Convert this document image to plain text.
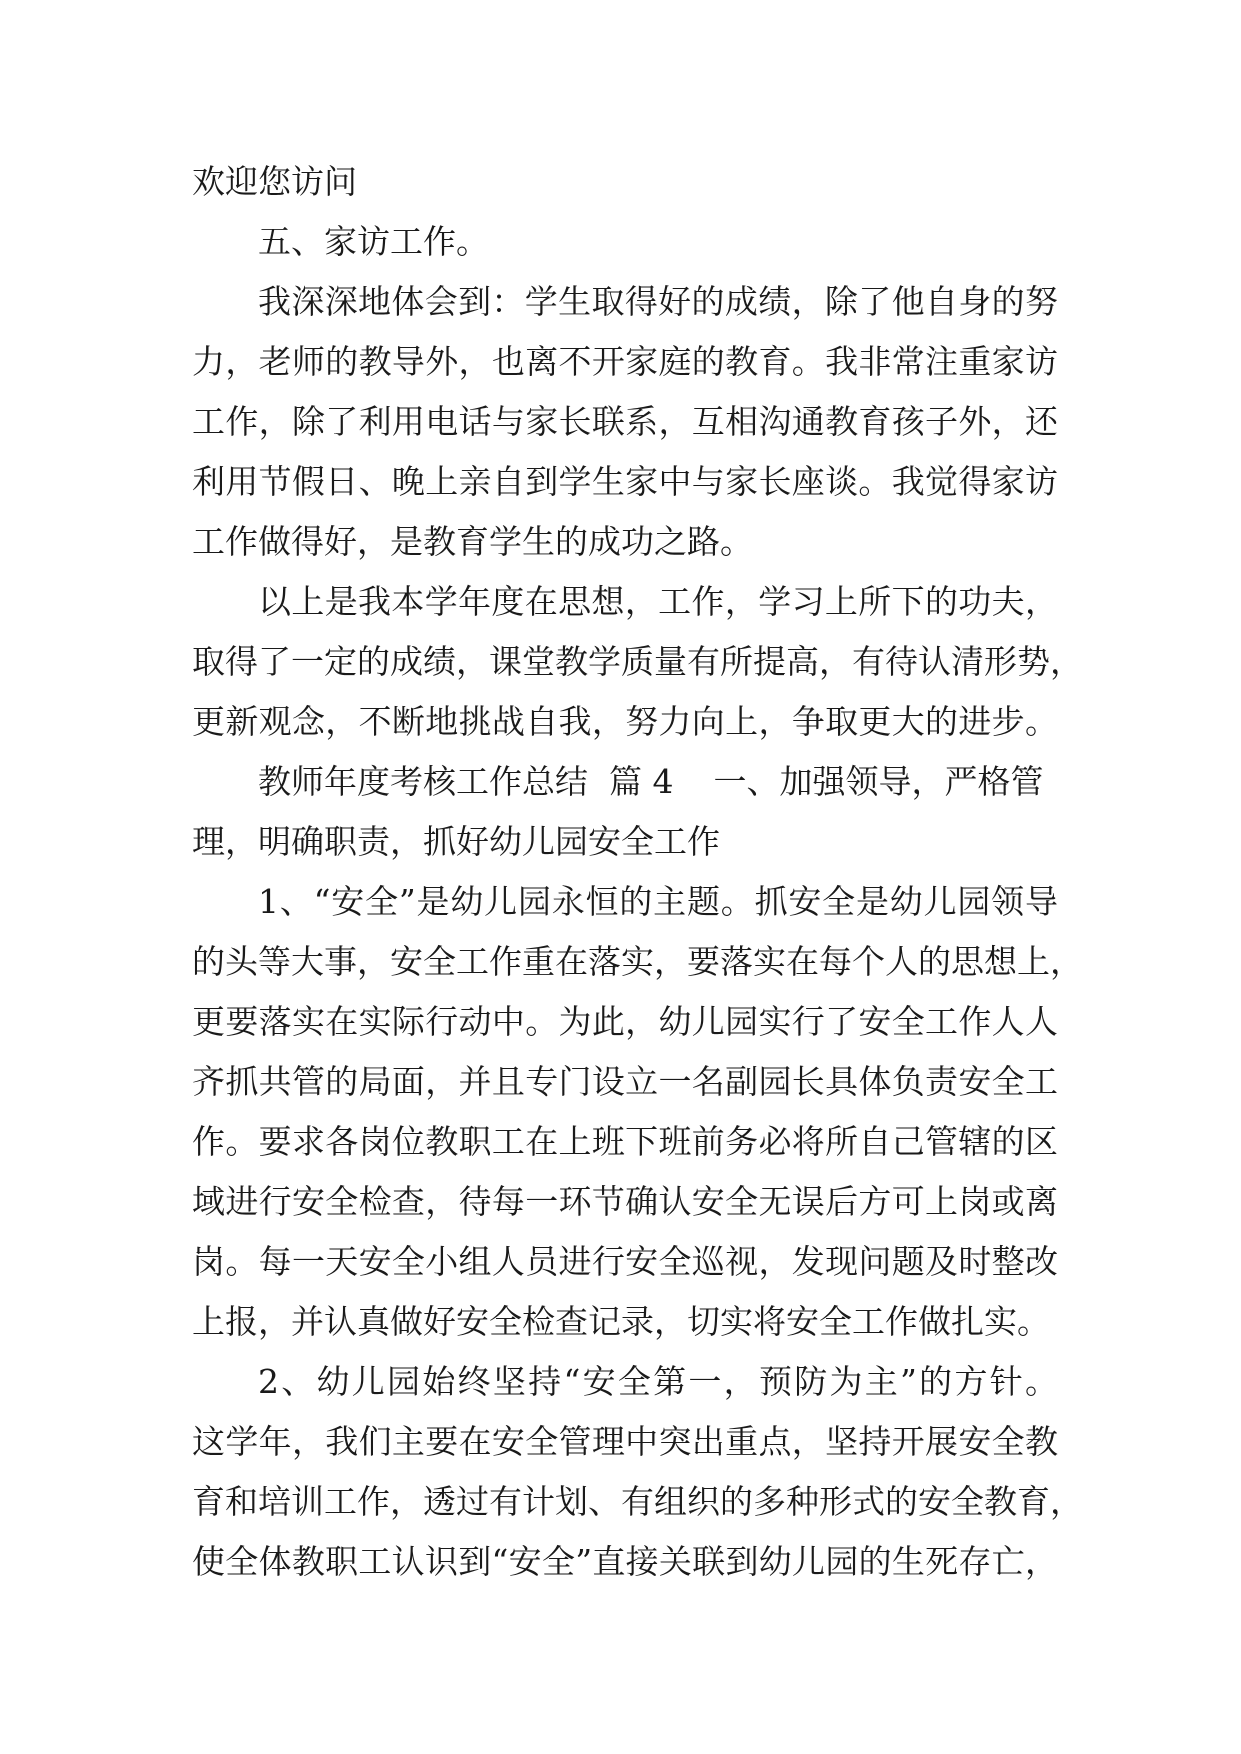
欢迎您访问
五、家访工作。
我深深地体会到：学生取得好的成绩，除了他自身的努
力，老师的教导外，也离不开家庭的教育。我非常注重家访
工作，除了利用电话与家长联系，互相沟通教育孩子外，还
利用节假日、晚上亲自到学生家中与家长座谈。我觉得家访
工作做得好，是教育学生的成功之路。
以上是我本学年度在思想，工作，学习上所下的功夫，
取得了一定的成绩，课堂教学质量有所提高，有待认清形势，
更新观念，不断地挑战自我，努力向上，争取更大的进步。
教师年度考核工作总结  篇 4 一、加强领导，严格管
理，明确职责，抓好幼儿园安全工作
1、“安全”是幼儿园永恒的主题。抓安全是幼儿园领导
的头等大事，安全工作重在落实，要落实在每个人的思想上，
更要落实在实际行动中。为此，幼儿园实行了安全工作人人
齐抓共管的局面，并且专门设立一名副园长具体负责安全工
作。要求各岗位教职工在上班下班前务必将所自己管辖的区
域进行安全检查，待每一环节确认安全无误后方可上岗或离
岗。每一天安全小组人员进行安全巡视，发现问题及时整改
上报，并认真做好安全检查记录，切实将安全工作做扎实。
2、幼儿园始终坚持“安全第一，预防为主”的方针。
这学年，我们主要在安全管理中突出重点，坚持开展安全教
育和培训工作，透过有计划、有组织的多种形式的安全教育，
使全体教职工认识到“安全”直接关联到幼儿园的生死存亡，
